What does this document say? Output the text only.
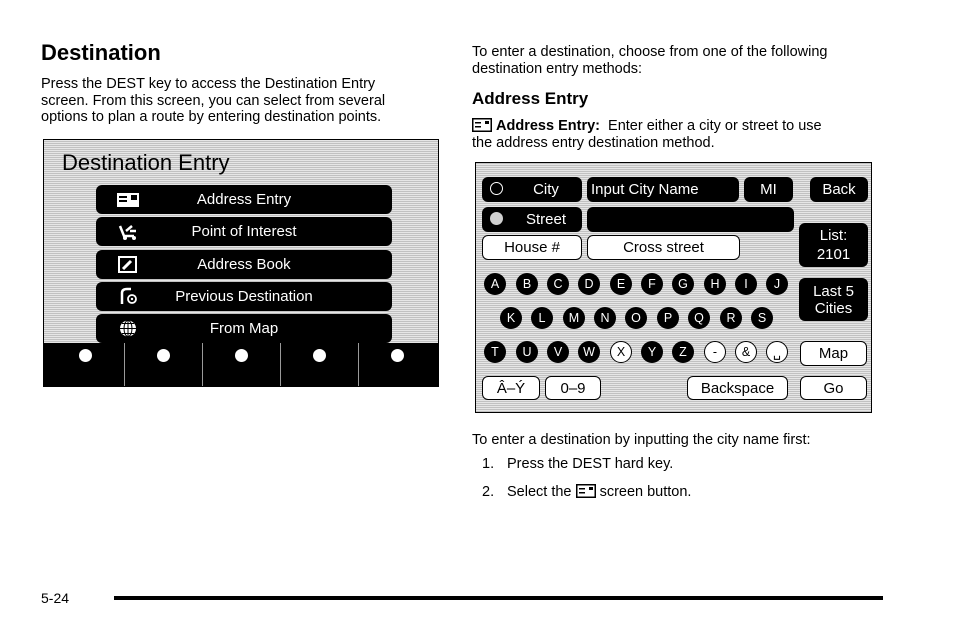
Destination
Press the DEST key to access the Destination Entry
screen. From this screen, you can select from several
options to plan a route by entering destination points.
Destination Entry
Address Entry
Point of Interest
Address Book
Previous Destination
From Map
To enter a destination, choose from one of the following
destination entry methods:
Address Entry
Address Entry: Enter either a city or street to use
the address entry destination method.
City Input City Name	MI	Back
Street
House #	Cross street
List:
2101
Last 5
Cities
A	B	C	D	E	F	G	H	I	J
K	L	M	N	O	P	Q	R	S
T	U	V	W	X	Y	Z	-	&	␣	Map
Â–Ý 0–9	Backspace	Go
To enter a destination by inputting the city name first:
1. Press the DEST hard key.
2. Select the screen button.
5-24
